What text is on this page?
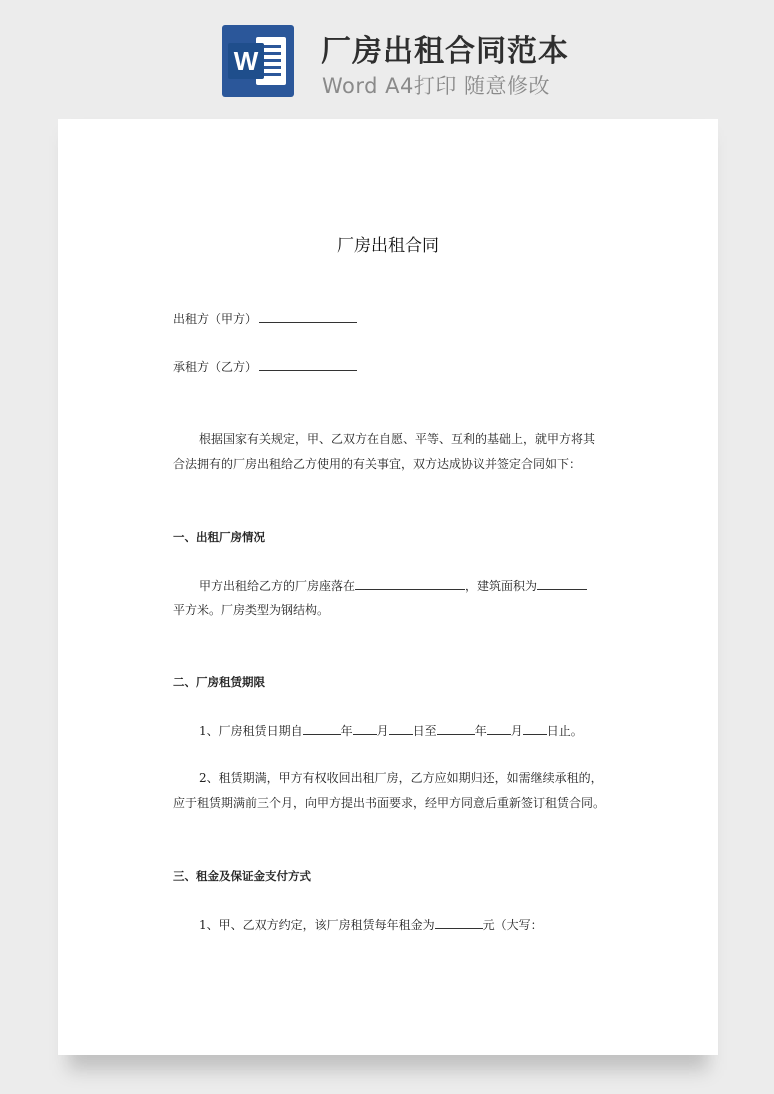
W 厂房出租合同范本
Word A4打印 随意修改

厂房出租合同
出租方（甲方）
承租方（乙方）
根据国家有关规定，甲、乙双方在自愿、平等、互利的基础上，就甲方将其
合法拥有的厂房出租给乙方使用的有关事宜，双方达成协议并签定合同如下：
一、出租厂房情况
甲方出租给乙方的厂房座落在	，建筑面积为
平方米。厂房类型为钢结构。
二、厂房租赁期限
1、厂房租赁日期自	年 月 日至	年 月 日止。
2、租赁期满，甲方有权收回出租厂房，乙方应如期归还，如需继续承租的，
应于租赁期满前三个月，向甲方提出书面要求，经甲方同意后重新签订租赁合同。
三、租金及保证金支付方式
1、甲、乙双方约定，该厂房租赁每年租金为	元（大写：
